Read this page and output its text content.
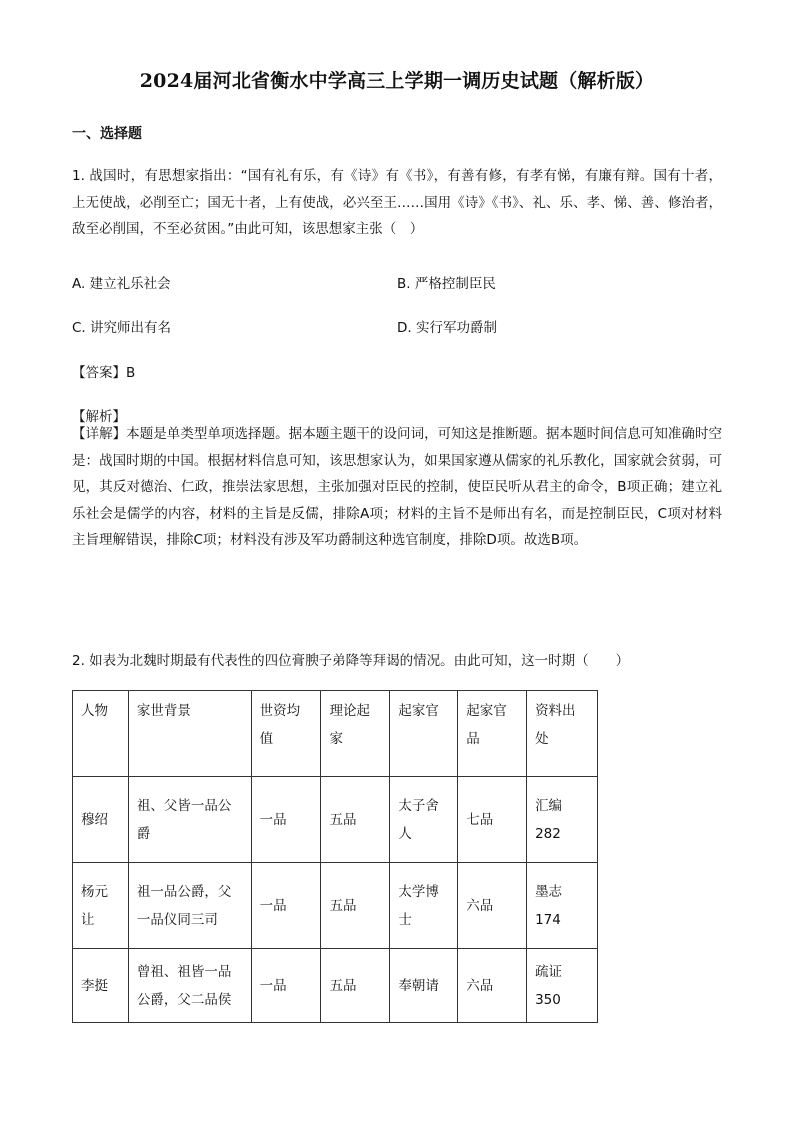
2024届河北省衡水中学高三上学期一调历史试题（解析版）
一、选择题
1. 战国时，有思想家指出：“国有礼有乐，有《诗》有《书》，有善有修，有孝有悌，有廉有辩。国有十者，上无使战，必削至亡；国无十者，上有使战，必兴至王……国用《诗》《书》、礼、乐、孝、悌、善、修治者，敌至必削国，不至必贫困。”由此可知，该思想家主张（　）
A. 建立礼乐社会	B. 严格控制臣民
C. 讲究师出有名	D. 实行军功爵制
【答案】B
【解析】
【详解】本题是单类型单项选择题。据本题主题干的设问词，可知这是推断题。据本题时间信息可知准确时空是：战国时期的中国。根据材料信息可知，该思想家认为，如果国家遵从儒家的礼乐教化，国家就会贫弱，可见，其反对德治、仁政，推崇法家思想，主张加强对臣民的控制，使臣民听从君主的命令，B项正确；建立礼乐社会是儒学的内容，材料的主旨是反儒，排除A项；材料的主旨不是师出有名，而是控制臣民，C项对材料主旨理解错误，排除C项；材料没有涉及军功爵制这种选官制度，排除D项。故选B项。
2. 如表为北魏时期最有代表性的四位膏腴子弟降等拜谒的情况。由此可知，这一时期（　　）
人物	家世背景	世资均值	理论起家	起家官	起家官品	资料出处
穆绍	祖、父皆一品公爵	一品	五品	太子舍人	七品	汇编 282
杨元让	祖一品公爵，父一品仪同三司	一品	五品	太学博士	六品	墨志 174
李挺	曾祖、祖皆一品公爵，父二品侯	一品	五品	奉朝请	六品	疏证 350
